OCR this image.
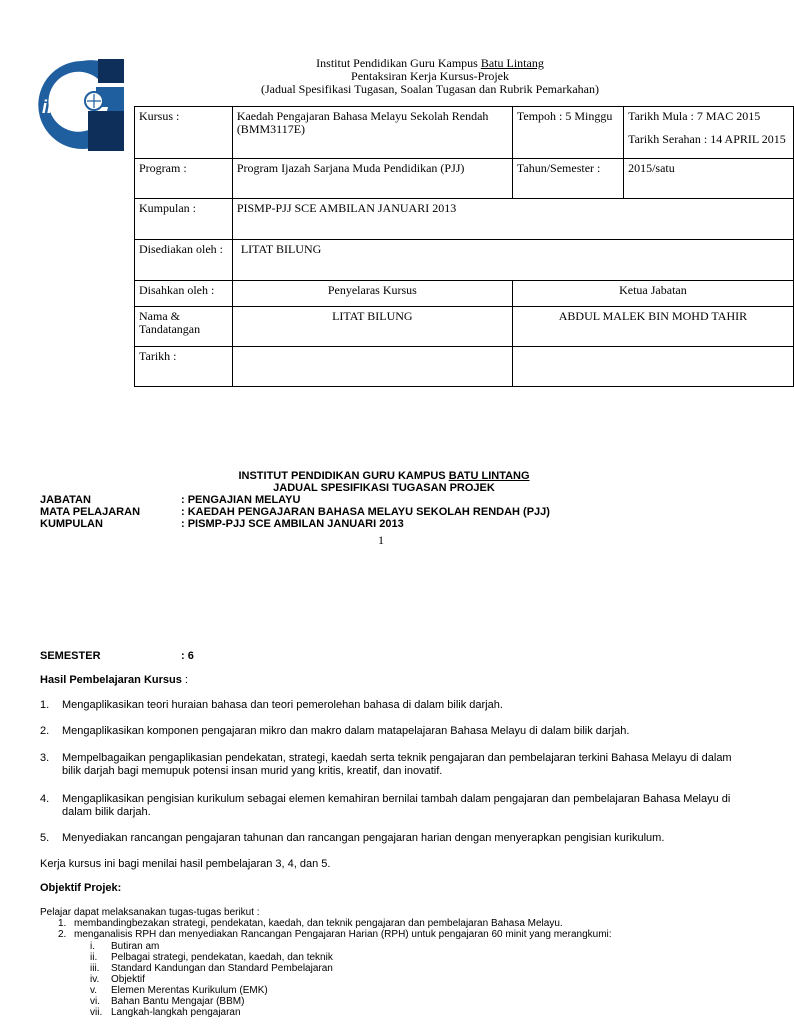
iPG
Institut Pendidikan Guru Kampus Batu Lintang
Pentaksiran Kerja Kursus-Projek
(Jadual Spesifikasi Tugasan, Soalan Tugasan dan Rubrik Pemarkahan)
Kursus :	Kaedah Pengajaran Bahasa Melayu Sekolah Rendah (BMM3117E)	Tempoh : 5 Minggu	Tarikh Mula : 7 MAC 2015
Tarikh Serahan : 14 APRIL 2015

Program :	Program Ijazah Sarjana Muda Pendidikan (PJJ)	Tahun/Semester :	2015/satu
Kumpulan :	PISMP-PJJ SCE AMBILAN JANUARI 2013		
Disediakan oleh :	LITAT BILUNG		
Disahkan oleh :	Penyelaras Kursus	Ketua Jabatan	
Nama & Tandatangan	LITAT BILUNG	ABDUL MALEK BIN MOHD TAHIR	
Tarikh :			
INSTITUT PENDIDIKAN GURU KAMPUS BATU LINTANG
JADUAL SPESIFIKASI TUGASAN PROJEK
JABATAN	: PENGAJIAN MELAYU
MATA PELAJARAN	: KAEDAH PENGAJARAN BAHASA MELAYU SEKOLAH RENDAH (PJJ)
KUMPULAN	: PISMP-PJJ SCE AMBILAN JANUARI 2013
1
SEMESTER	: 6
Hasil Pembelajaran Kursus :
1. Mengaplikasikan teori huraian bahasa dan teori pemerolehan bahasa di dalam bilik darjah.
2. Mengaplikasikan komponen pengajaran mikro dan makro dalam matapelajaran Bahasa Melayu di dalam bilik darjah.
3. Mempelbagaikan pengaplikasian pendekatan, strategi, kaedah serta teknik pengajaran dan pembelajaran terkini Bahasa Melayu di dalam bilik darjah bagi memupuk potensi insan murid yang kritis, kreatif, dan inovatif.
4. Mengaplikasikan pengisian kurikulum sebagai elemen kemahiran bernilai tambah dalam pengajaran dan pembelajaran Bahasa Melayu di dalam bilik darjah.
5. Menyediakan rancangan pengajaran tahunan dan rancangan pengajaran harian dengan menyerapkan pengisian kurikulum.
Kerja kursus ini bagi menilai hasil pembelajaran 3, 4, dan 5.
Objektif Projek:
Pelajar dapat melaksanakan tugas-tugas berikut :
1. membandingbezakan strategi, pendekatan, kaedah, dan teknik pengajaran dan pembelajaran Bahasa Melayu.
2. menganalisis RPH dan menyediakan Rancangan Pengajaran Harian (RPH) untuk pengajaran 60 minit yang merangkumi:
i. Butiran am
ii. Pelbagai strategi, pendekatan, kaedah, dan teknik
iii. Standard Kandungan dan Standard Pembelajaran
iv. Objektif
v. Elemen Merentas Kurikulum (EMK)
vi. Bahan Bantu Mengajar (BBM)
vii. Langkah-langkah pengajaran
